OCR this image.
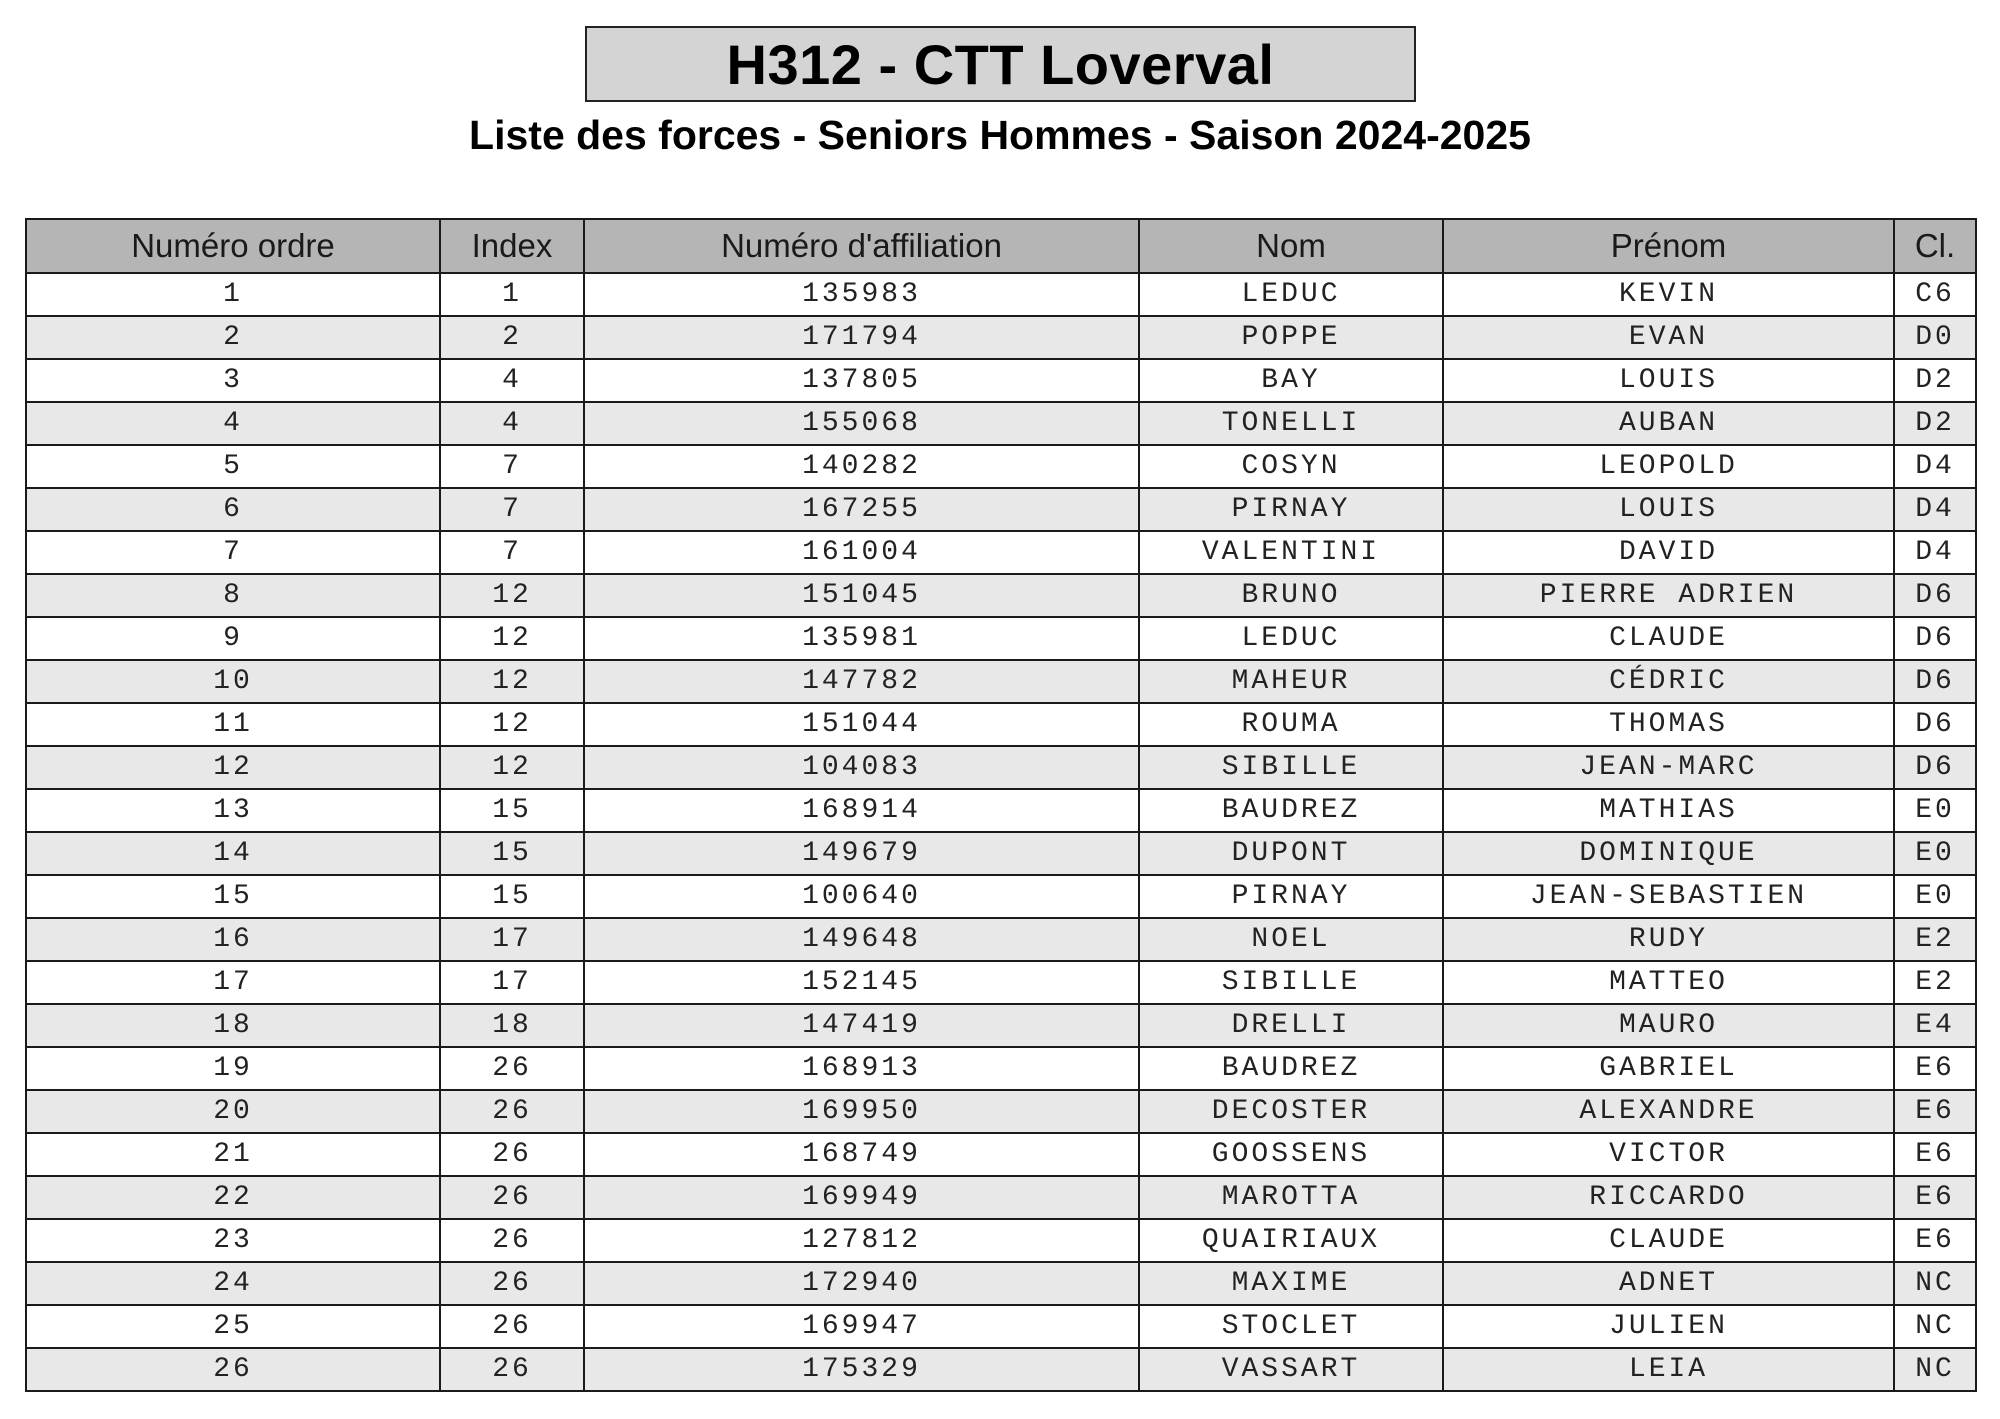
H312 - CTT Loverval
Liste des forces - Seniors Hommes - Saison 2024-2025
Numéro ordre	Index	Numéro d'affiliation	Nom	Prénom	Cl.
1	1	135983	LEDUC	KEVIN	C6
2	2	171794	POPPE	EVAN	D0
3	4	137805	BAY	LOUIS	D2
4	4	155068	TONELLI	AUBAN	D2
5	7	140282	COSYN	LEOPOLD	D4
6	7	167255	PIRNAY	LOUIS	D4
7	7	161004	VALENTINI	DAVID	D4
8	12	151045	BRUNO	PIERRE ADRIEN	D6
9	12	135981	LEDUC	CLAUDE	D6
10	12	147782	MAHEUR	CÉDRIC	D6
11	12	151044	ROUMA	THOMAS	D6
12	12	104083	SIBILLE	JEAN-MARC	D6
13	15	168914	BAUDREZ	MATHIAS	E0
14	15	149679	DUPONT	DOMINIQUE	E0
15	15	100640	PIRNAY	JEAN-SEBASTIEN	E0
16	17	149648	NOEL	RUDY	E2
17	17	152145	SIBILLE	MATTEO	E2
18	18	147419	DRELLI	MAURO	E4
19	26	168913	BAUDREZ	GABRIEL	E6
20	26	169950	DECOSTER	ALEXANDRE	E6
21	26	168749	GOOSSENS	VICTOR	E6
22	26	169949	MAROTTA	RICCARDO	E6
23	26	127812	QUAIRIAUX	CLAUDE	E6
24	26	172940	MAXIME	ADNET	NC
25	26	169947	STOCLET	JULIEN	NC
26	26	175329	VASSART	LEIA	NC
